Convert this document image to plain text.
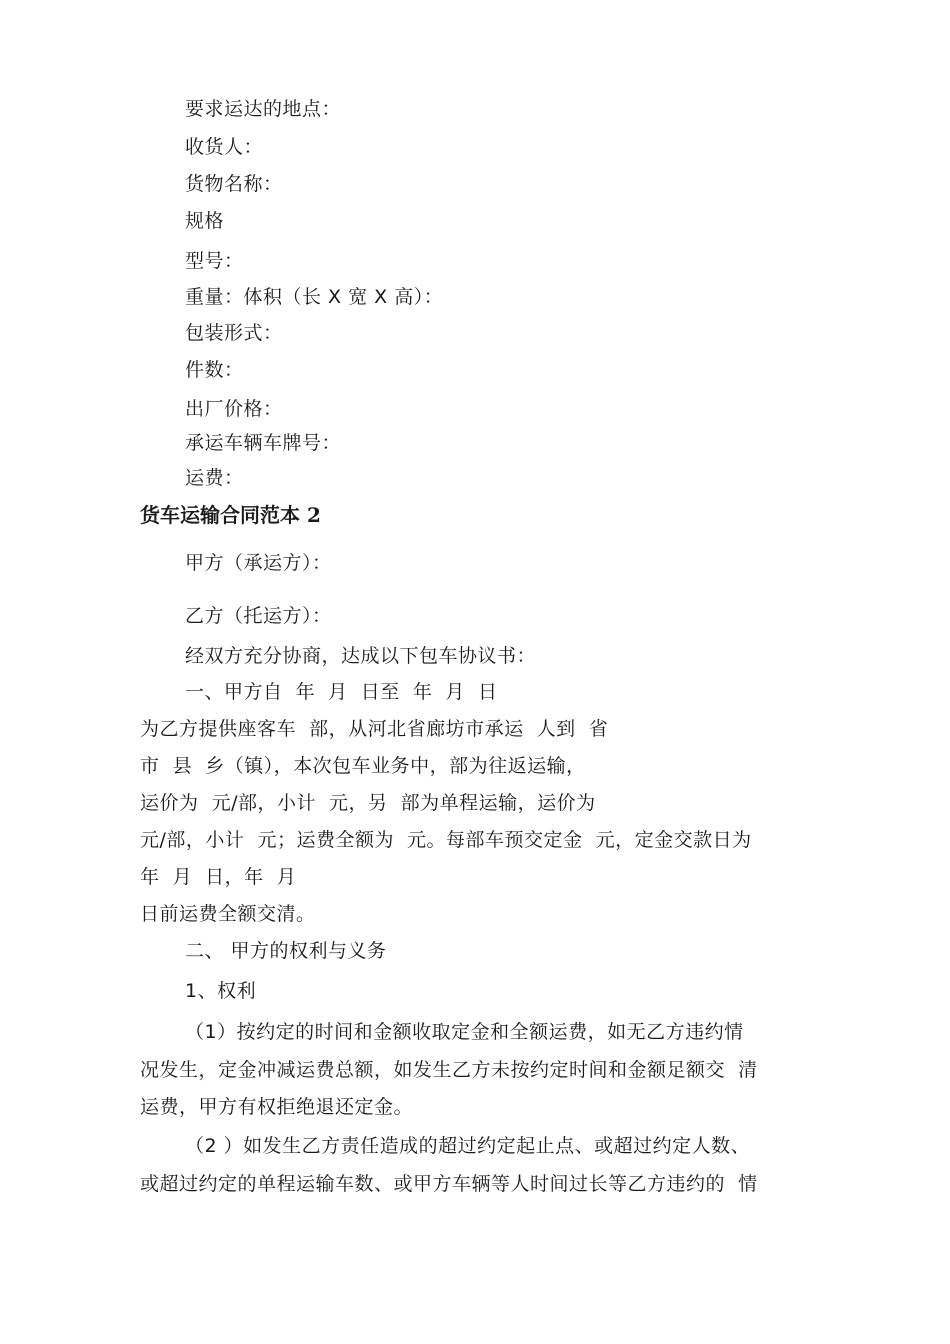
要求运达的地点：
收货人：
货物名称：
规格
型号：
重量：体积（长 X 宽 X 高）：
包装形式：
件数：
出厂价格：
承运车辆车牌号：
运费：
货车运输合同范本 2
甲方（承运方）：
乙方（托运方）：
经双方充分协商，达成以下包车协议书：
一、甲方自  年  月  日至  年  月  日
为乙方提供座客车  部，从河北省廊坊市承运  人到  省
市  县  乡（镇），本次包车业务中，部为往返运输，
运价为  元/部，小计  元，另  部为单程运输，运价为
元/部，小计  元；运费全额为  元。每部车预交定金  元，定金交款日为
年  月  日，年  月
日前运费全额交清。
二、 甲方的权利与义务
1、权利
（1）按约定的时间和金额收取定金和全额运费，如无乙方违约情
况发生，定金冲减运费总额，如发生乙方未按约定时间和金额足额交  清
运费，甲方有权拒绝退还定金。
（2 ）如发生乙方责任造成的超过约定起止点、或超过约定人数、
或超过约定的单程运输车数、或甲方车辆等人时间过长等乙方违约的  情
